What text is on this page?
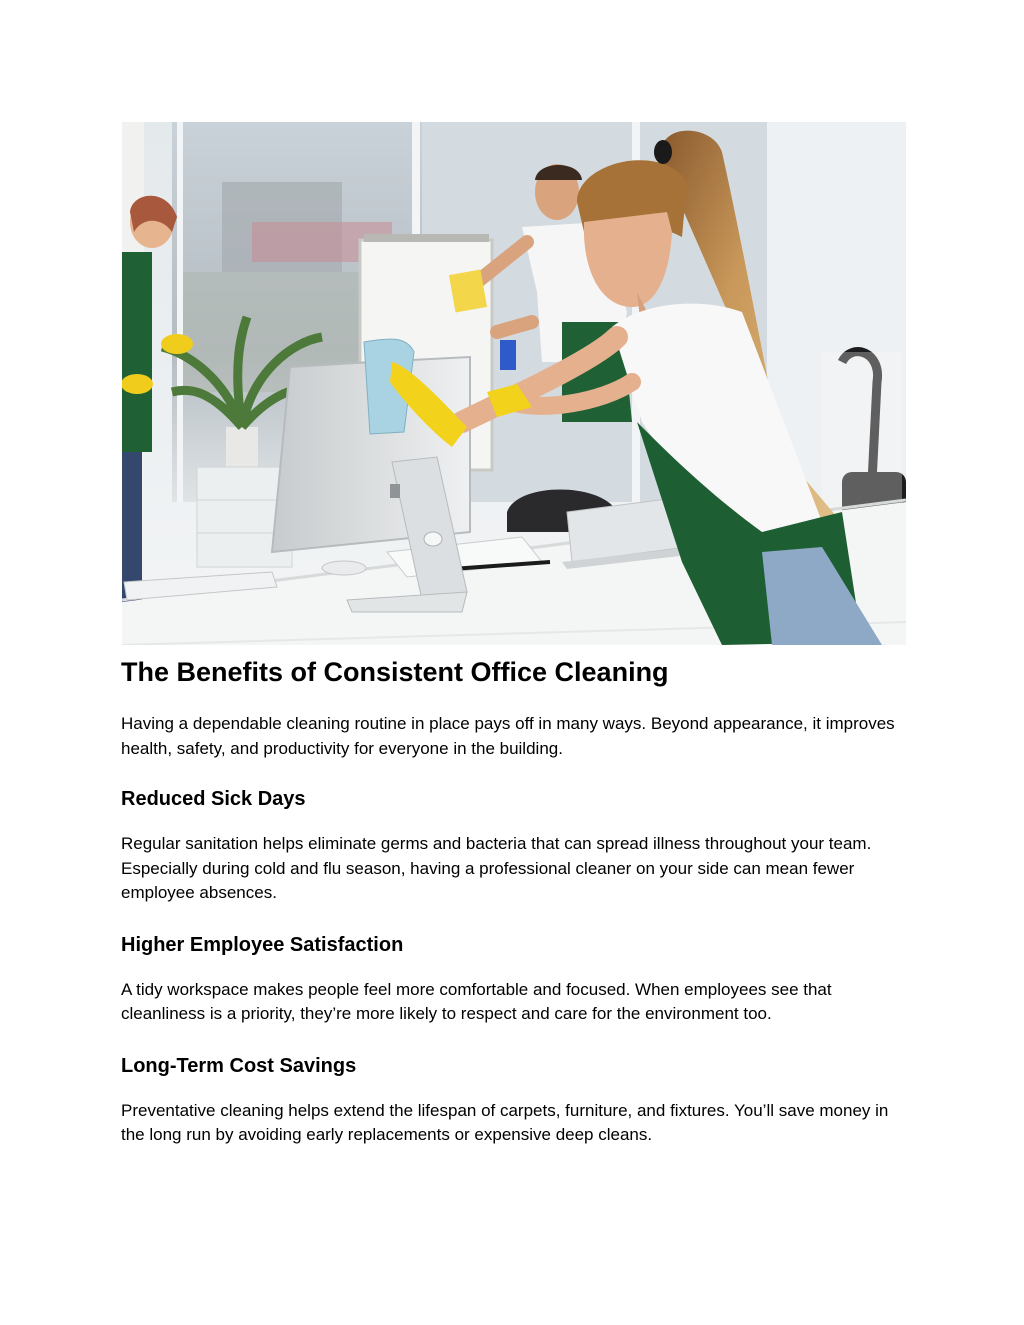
The Benefits of Consistent Office Cleaning

Having a dependable cleaning routine in place pays off in many ways. Beyond appearance, it improves health, safety, and productivity for everyone in the building.

Reduced Sick Days

Regular sanitation helps eliminate germs and bacteria that can spread illness throughout your team. Especially during cold and flu season, having a professional cleaner on your side can mean fewer employee absences.

Higher Employee Satisfaction

A tidy workspace makes people feel more comfortable and focused. When employees see that cleanliness is a priority, they’re more likely to respect and care for the environment too.

Long-Term Cost Savings

Preventative cleaning helps extend the lifespan of carpets, furniture, and fixtures. You’ll save money in the long run by avoiding early replacements or expensive deep cleans.
